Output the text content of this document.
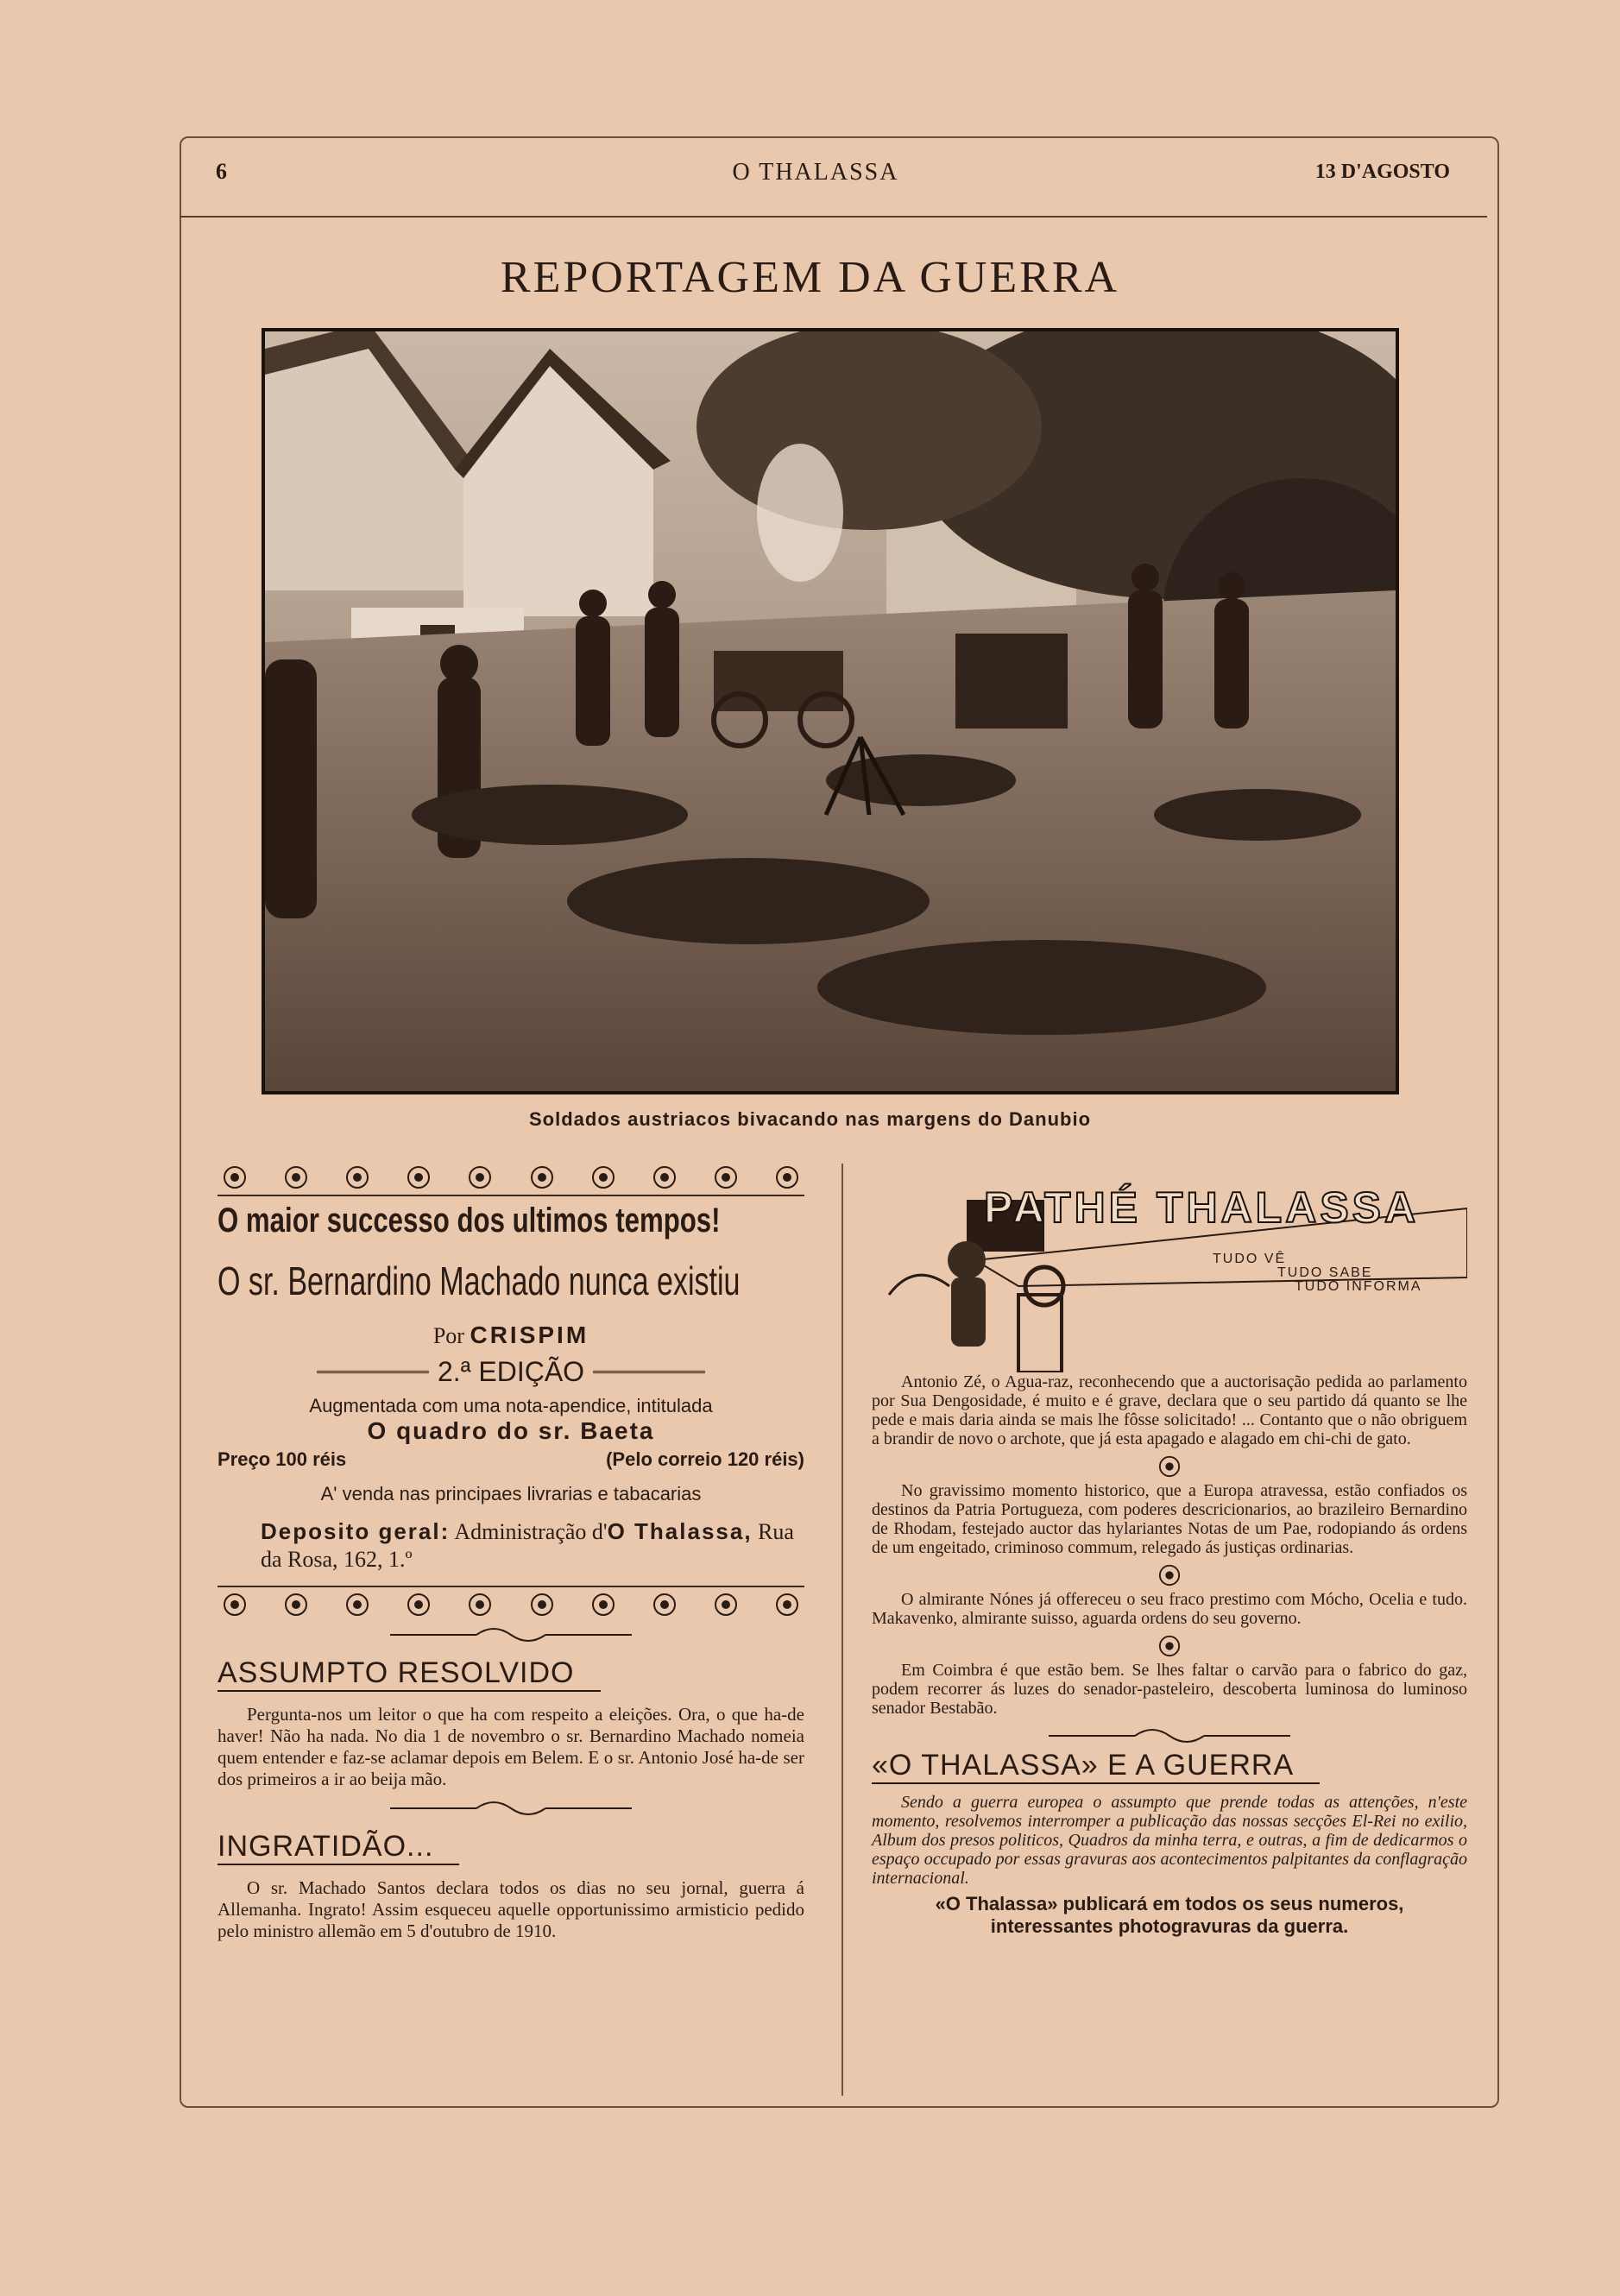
6	O THALASSA	13 D'AGOSTO
REPORTAGEM DA GUERRA
Soldados austriacos bivacando nas margens do Danubio
O maior successo dos ultimos tempos!
O sr. Bernardino Machado nunca existiu
Por CRISPIM
2.ª EDIÇÃO
Augmentada com uma nota-apendice, intitulada
O quadro do sr. Baeta
Preço 100 réis	(Pelo correio 120 réis)
A' venda nas principaes livrarias e tabacarias
Deposito geral: Administração d'O Thalassa, Rua da Rosa, 162, 1.º
ASSUMPTO RESOLVIDO

Pergunta-nos um leitor o que ha com respeito a eleições. Ora, o que ha-de haver! Não ha nada. No dia 1 de novembro o sr. Bernardino Machado nomeia quem entender e faz-se aclamar depois em Belem. E o sr. Antonio José ha-de ser dos primeiros a ir ao beija mão.

INGRATIDÃO...

O sr. Machado Santos declara todos os dias no seu jornal, guerra á Allemanha. Ingrato! Assim esqueceu aquelle opportunissimo armisticio pedido pelo ministro allemão em 5 d'outubro de 1910.

PATHÉ THALASSA
TUDO VÊ
TUDO SABE
TUDO INFORMA

Antonio Zé, o Agua-raz, reconhecendo que a auctorisação pedida ao parlamento por Sua Dengosidade, é muito e é grave, declara que o seu partido dá quanto se lhe pede e mais daria ainda se mais lhe fôsse solicitado! ... Contanto que o não obriguem a brandir de novo o archote, que já esta apagado e alagado em chi-chi de gato.

No gravissimo momento historico, que a Europa atravessa, estão confiados os destinos da Patria Portugueza, com poderes descricionarios, ao brazileiro Bernardino de Rhodam, festejado auctor das hylariantes Notas de um Pae, rodopiando ás ordens de um engeitado, criminoso commum, relegado ás justiças ordinarias.

O almirante Nónes já offereceu o seu fraco prestimo com Mócho, Ocelia e tudo. Makavenko, almirante suisso, aguarda ordens do seu governo.

Em Coimbra é que estão bem. Se lhes faltar o carvão para o fabrico do gaz, podem recorrer ás luzes do senador-pasteleiro, descoberta luminosa do luminoso senador Bestabão.

«O THALASSA» E A GUERRA

Sendo a guerra europea o assumpto que prende todas as attenções, n'este momento, resolvemos interromper a publicação das nossas secções El-Rei no exilio, Album dos presos politicos, Quadros da minha terra, e outras, a fim de dedicarmos o espaço occupado por essas gravuras aos acontecimentos palpitantes da conflagração internacional.

«O Thalassa» publicará em todos os seus numeros, interessantes photogravuras da guerra.
